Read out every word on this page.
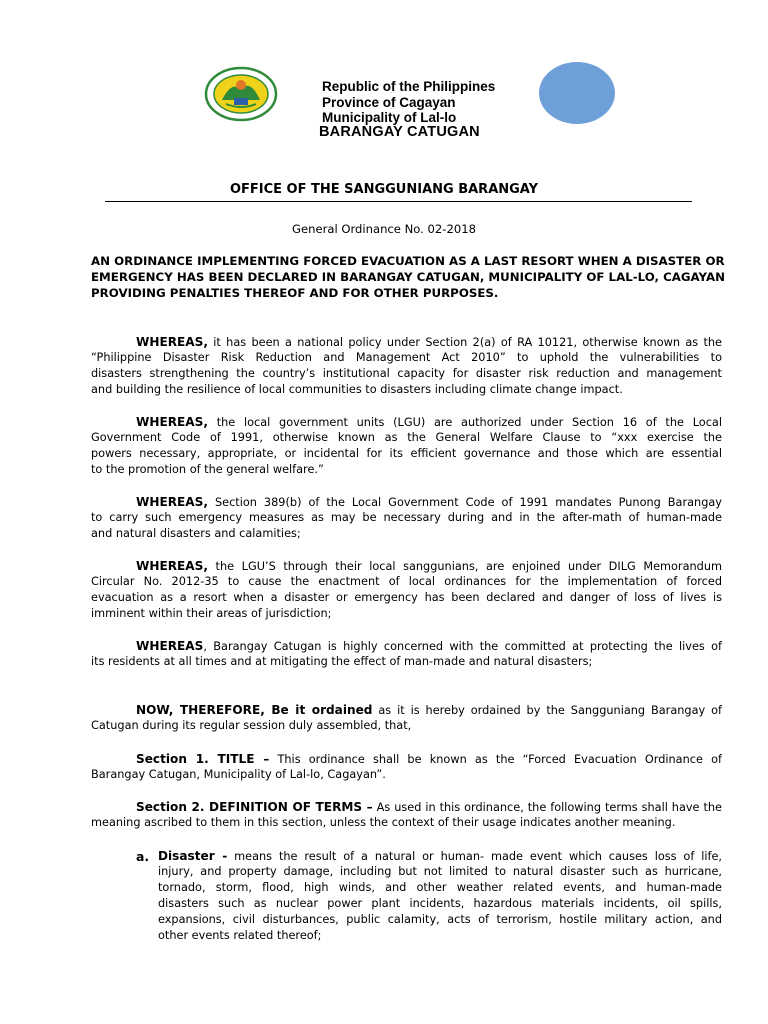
Republic of the Philippines
Province of Cagayan
Municipality of Lal-lo
BARANGAY CATUGAN
OFFICE OF THE SANGGUNIANG BARANGAY
General Ordinance No. 02-2018
AN ORDINANCE IMPLEMENTING FORCED EVACUATION AS A LAST RESORT WHEN A DISASTER OR
EMERGENCY HAS BEEN DECLARED IN BARANGAY CATUGAN, MUNICIPALITY OF LAL-LO, CAGAYAN
PROVIDING PENALTIES THEREOF AND FOR OTHER PURPOSES.
WHEREAS, it has been a national policy under Section 2(a) of RA 10121, otherwise known as the
“Philippine Disaster Risk Reduction and Management Act 2010” to uphold the vulnerabilities to
disasters strengthening the country’s institutional capacity for disaster risk reduction and management
and building the resilience of local communities to disasters including climate change impact.
WHEREAS, the local government units (LGU) are authorized under Section 16 of the Local
Government Code of 1991, otherwise known as the General Welfare Clause to “xxx exercise the
powers necessary, appropriate, or incidental for its efficient governance and those which are essential
to the promotion of the general welfare.”
WHEREAS, Section 389(b) of the Local Government Code of 1991 mandates Punong Barangay
to carry such emergency measures as may be necessary during and in the after-math of human-made
and natural disasters and calamities;
WHEREAS, the LGU’S through their local sanggunians, are enjoined under DILG Memorandum
Circular No. 2012-35 to cause the enactment of local ordinances for the implementation of forced
evacuation as a resort when a disaster or emergency has been declared and danger of loss of lives is
imminent within their areas of jurisdiction;
WHEREAS, Barangay Catugan is highly concerned with the committed at protecting the lives of
its residents at all times and at mitigating the effect of man-made and natural disasters;
NOW, THEREFORE, Be it ordained as it is hereby ordained by the Sangguniang Barangay of
Catugan during its regular session duly assembled, that,
Section 1. TITLE – This ordinance shall be known as the “Forced Evacuation Ordinance of
Barangay Catugan, Municipality of Lal-lo, Cagayan”.
Section 2. DEFINITION OF TERMS – As used in this ordinance, the following terms shall have the
meaning ascribed to them in this section, unless the context of their usage indicates another meaning.
a. Disaster - means the result of a natural or human- made event which causes loss of life,
injury, and property damage, including but not limited to natural disaster such as hurricane,
tornado, storm, flood, high winds, and other weather related events, and human-made
disasters such as nuclear power plant incidents, hazardous materials incidents, oil spills,
expansions, civil disturbances, public calamity, acts of terrorism, hostile military action, and
other events related thereof;
